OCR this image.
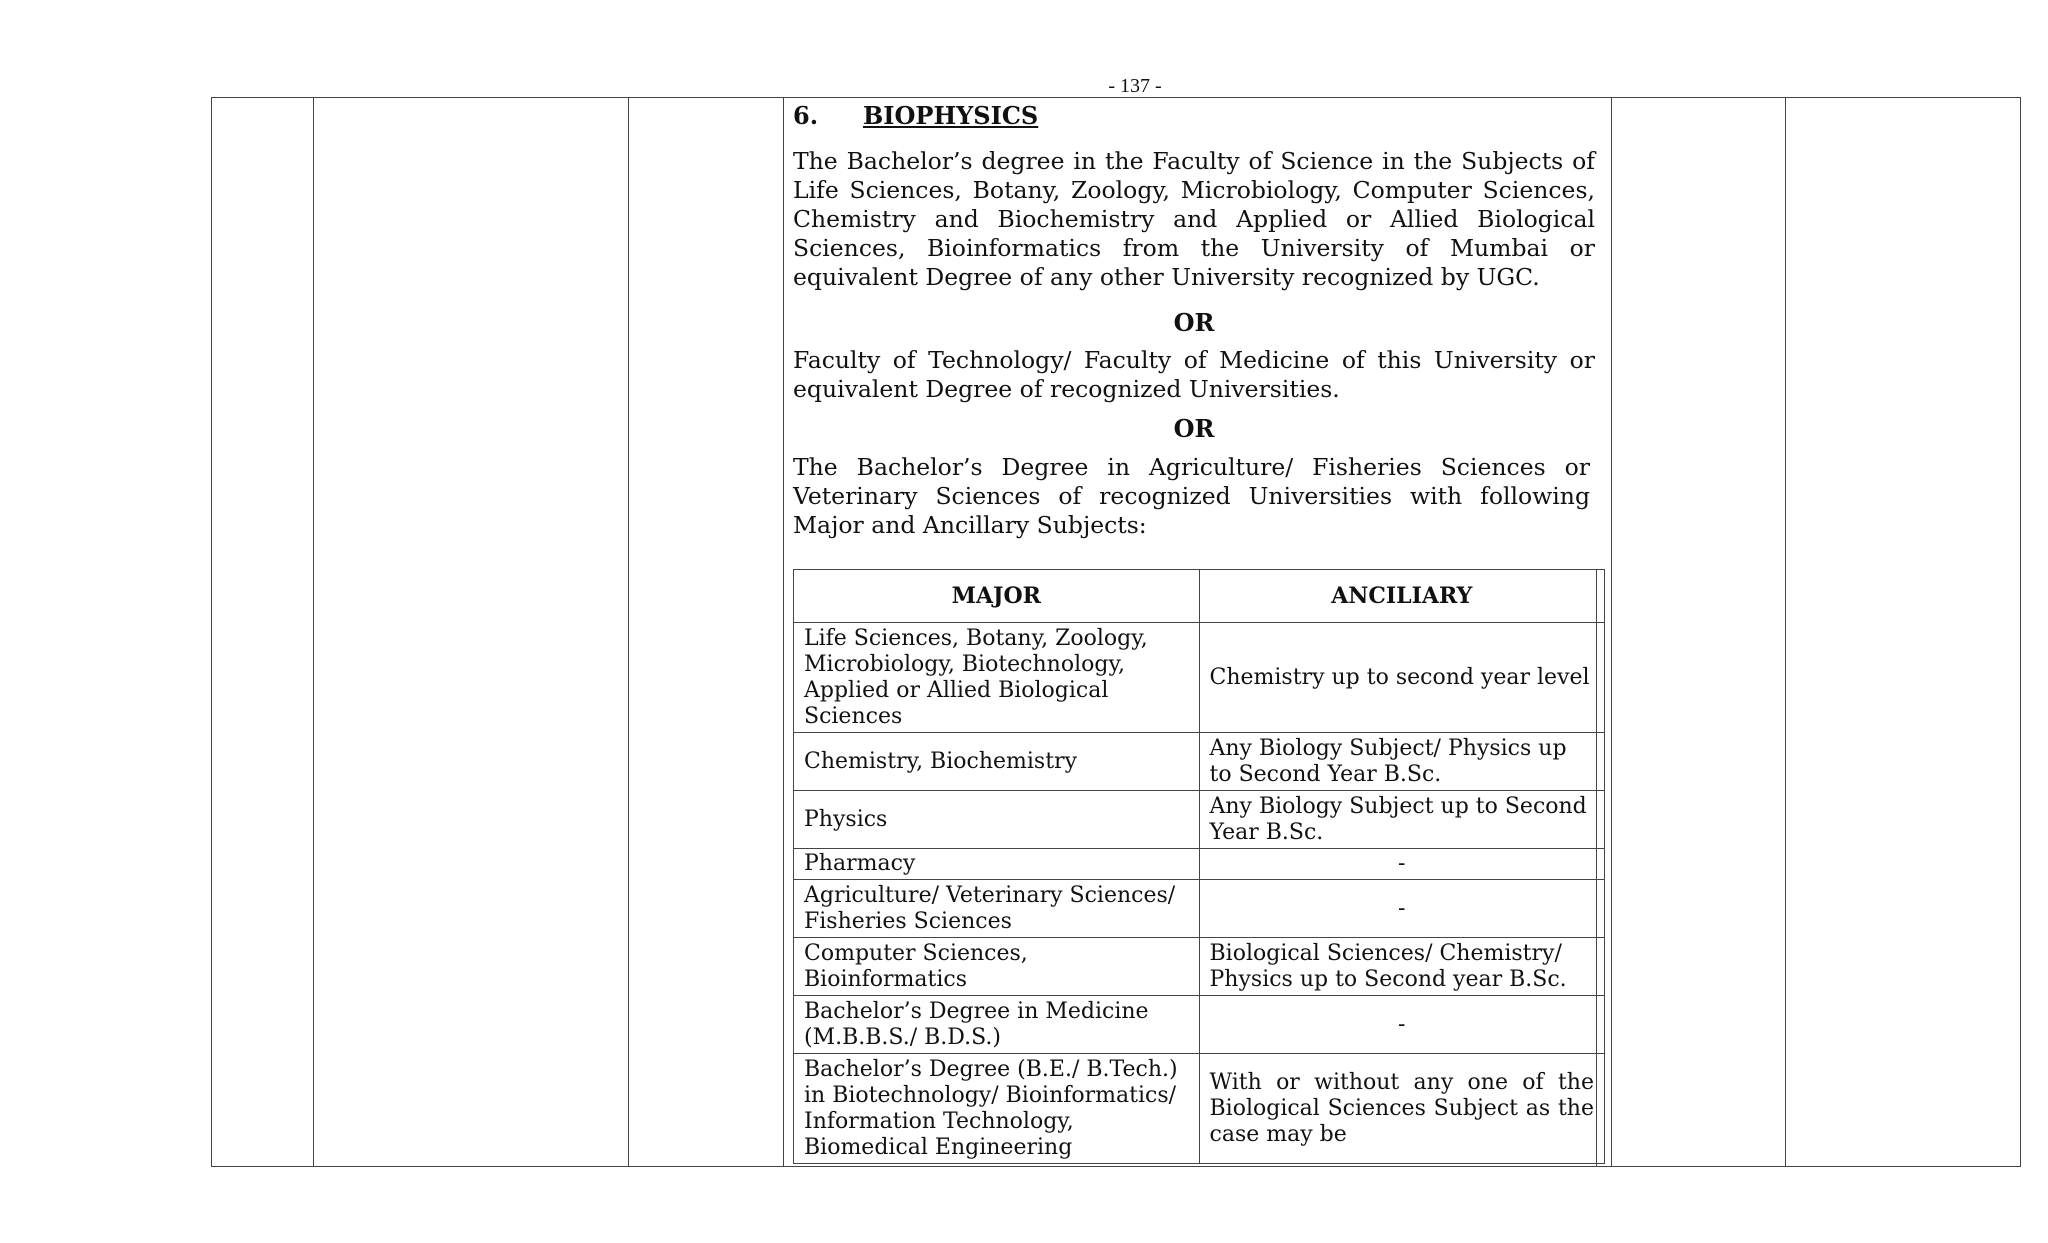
- 137 -
6. BIOPHYSICS
The Bachelor’s degree in the Faculty of Science in the Subjects of Life Sciences, Botany, Zoology, Microbiology, Computer Sciences, Chemistry and Biochemistry and Applied or Allied Biological Sciences, Bioinformatics from the University of Mumbai or equivalent Degree of any other University recognized by UGC.
OR
Faculty of Technology/ Faculty of Medicine of this University or equivalent Degree of recognized Universities.
OR
The Bachelor’s Degree in Agriculture/ Fisheries Sciences or Veterinary Sciences of recognized Universities with following Major and Ancillary Subjects:
MAJOR	ANCILIARY
Life Sciences, Botany, Zoology, Microbiology, Biotechnology, Applied or Allied Biological Sciences	Chemistry up to second year level
Chemistry, Biochemistry	Any Biology Subject/ Physics up to Second Year B.Sc.
Physics	Any Biology Subject up to Second Year B.Sc.
Pharmacy	-
Agriculture/ Veterinary Sciences/ Fisheries Sciences	-
Computer Sciences, Bioinformatics	Biological Sciences/ Chemistry/ Physics up to Second year B.Sc.
Bachelor’s Degree in Medicine (M.B.B.S./ B.D.S.)	-
Bachelor’s Degree (B.E./ B.Tech.) in Biotechnology/ Bioinformatics/ Information Technology, Biomedical Engineering	With or without any one of the Biological Sciences Subject as the case may be
